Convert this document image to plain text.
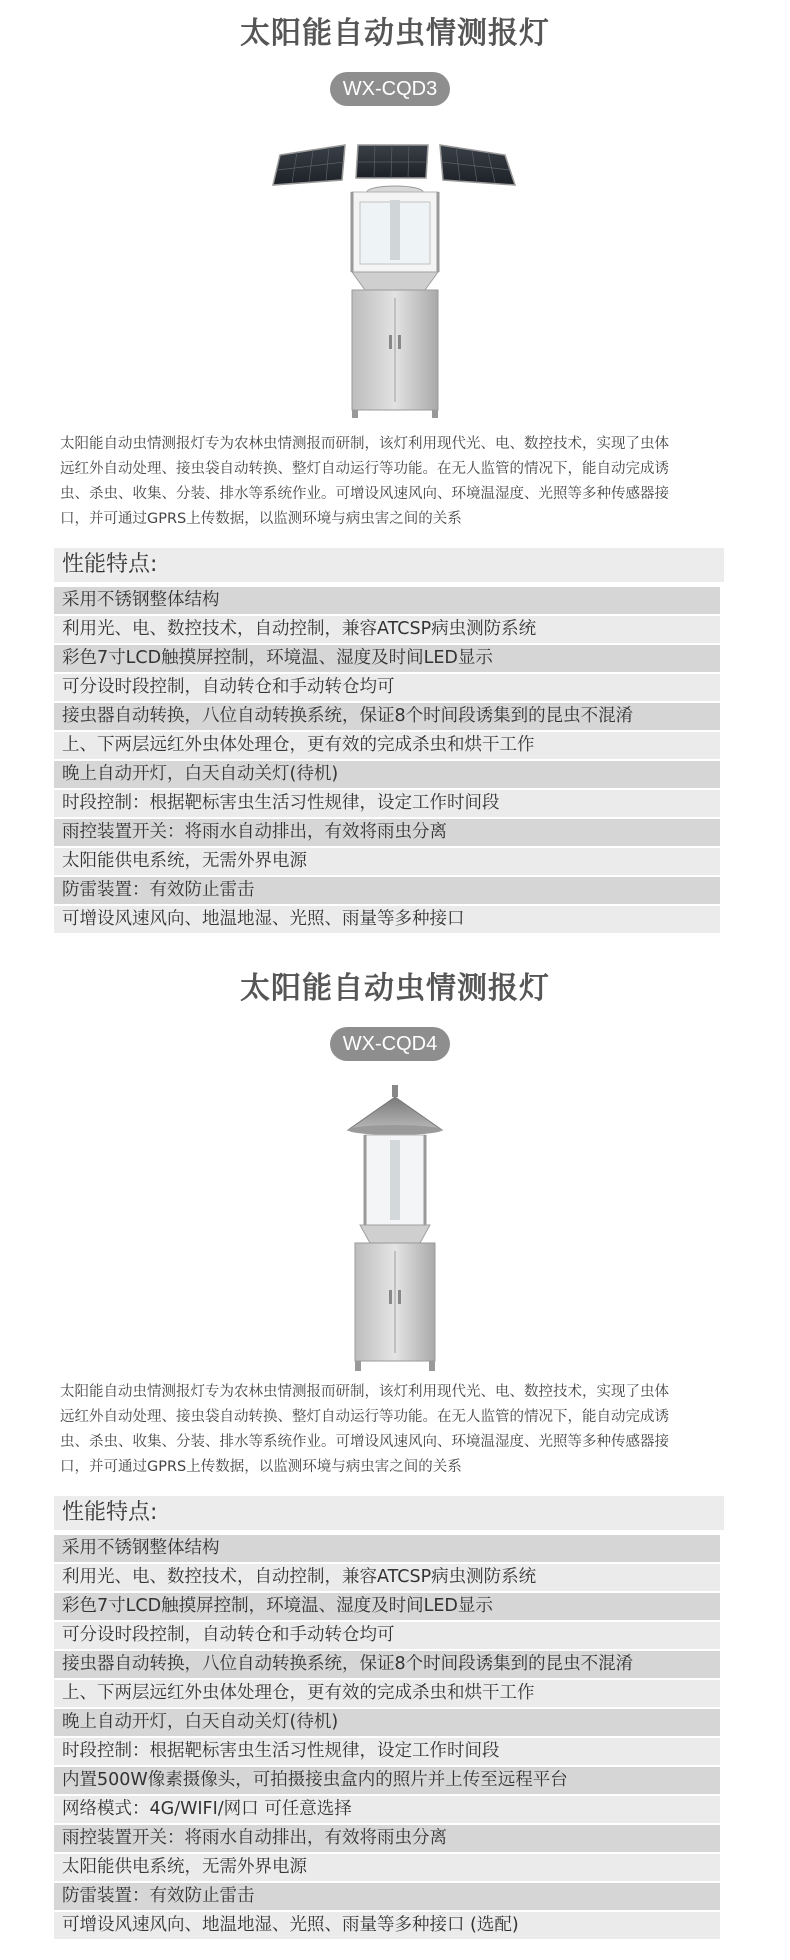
太阳能自动虫情测报灯
WX-CQD3

太阳能自动虫情测报灯专为农林虫情测报而研制，该灯利用现代光、电、数控技术，实现了虫体
远红外自动处理、接虫袋自动转换、整灯自动运行等功能。在无人监管的情况下，能自动完成诱
虫、杀虫、收集、分装、排水等系统作业。可增设风速风向、环境温湿度、光照等多种传感器接
口，并可通过GPRS上传数据，以监测环境与病虫害之间的关系

性能特点:
采用不锈钢整体结构
利用光、电、数控技术，自动控制，兼容ATCSP病虫测防系统
彩色7寸LCD触摸屏控制，环境温、湿度及时间LED显示
可分设时段控制，自动转仓和手动转仓均可
接虫器自动转换，八位自动转换系统，保证8个时间段诱集到的昆虫不混淆
上、下两层远红外虫体处理仓，更有效的完成杀虫和烘干工作
晚上自动开灯，白天自动关灯(待机)
时段控制：根据靶标害虫生活习性规律，设定工作时间段
雨控装置开关：将雨水自动排出，有效将雨虫分离
太阳能供电系统，无需外界电源
防雷装置：有效防止雷击
可增设风速风向、地温地湿、光照、雨量等多种接口
太阳能自动虫情测报灯
WX-CQD4

太阳能自动虫情测报灯专为农林虫情测报而研制，该灯利用现代光、电、数控技术，实现了虫体
远红外自动处理、接虫袋自动转换、整灯自动运行等功能。在无人监管的情况下，能自动完成诱
虫、杀虫、收集、分装、排水等系统作业。可增设风速风向、环境温湿度、光照等多种传感器接
口，并可通过GPRS上传数据，以监测环境与病虫害之间的关系

性能特点:
采用不锈钢整体结构
利用光、电、数控技术，自动控制，兼容ATCSP病虫测防系统
彩色7寸LCD触摸屏控制，环境温、湿度及时间LED显示
可分设时段控制，自动转仓和手动转仓均可
接虫器自动转换，八位自动转换系统，保证8个时间段诱集到的昆虫不混淆
上、下两层远红外虫体处理仓，更有效的完成杀虫和烘干工作
晚上自动开灯，白天自动关灯(待机)
时段控制：根据靶标害虫生活习性规律，设定工作时间段
内置500W像素摄像头，可拍摄接虫盒内的照片并上传至远程平台
网络模式：4G/WIFI/网口 可任意选择
雨控装置开关：将雨水自动排出，有效将雨虫分离
太阳能供电系统，无需外界电源
防雷装置：有效防止雷击
可增设风速风向、地温地湿、光照、雨量等多种接口 (选配)
